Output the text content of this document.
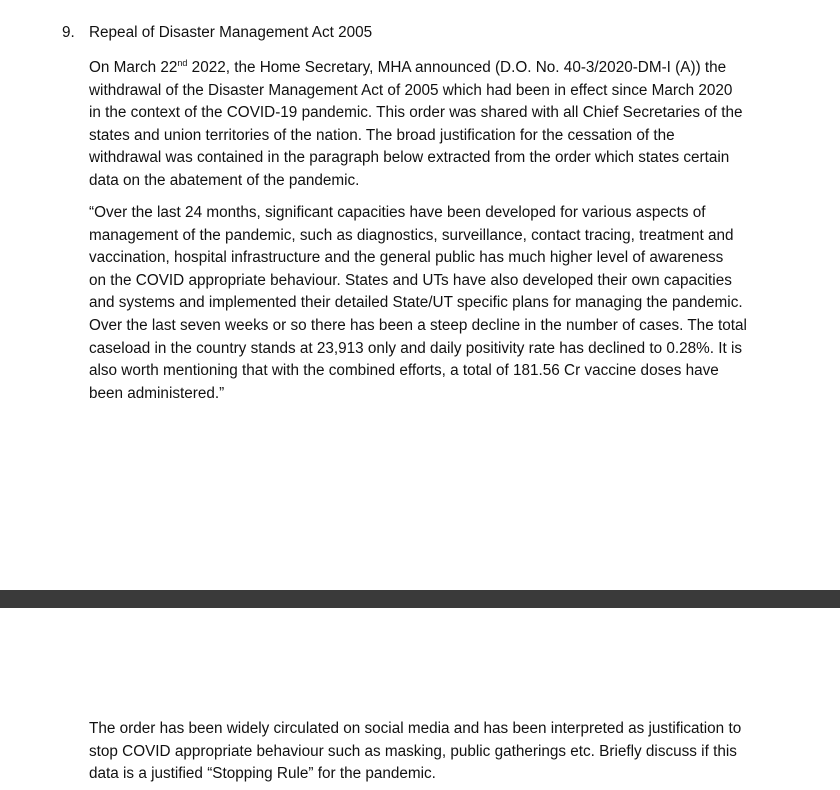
9. Repeal of Disaster Management Act 2005

On March 22nd 2022, the Home Secretary, MHA announced (D.O. No. 40-3/2020-DM-I (A)) the
withdrawal of the Disaster Management Act of 2005 which had been in effect since March 2020
in the context of the COVID-19 pandemic. This order was shared with all Chief Secretaries of the
states and union territories of the nation. The broad justification for the cessation of the
withdrawal was contained in the paragraph below extracted from the order which states certain
data on the abatement of the pandemic.

“Over the last 24 months, significant capacities have been developed for various aspects of
management of the pandemic, such as diagnostics, surveillance, contact tracing, treatment and
vaccination, hospital infrastructure and the general public has much higher level of awareness
on the COVID appropriate behaviour. States and UTs have also developed their own capacities
and systems and implemented their detailed State/UT specific plans for managing the pandemic.
Over the last seven weeks or so there has been a steep decline in the number of cases. The total
caseload in the country stands at 23,913 only and daily positivity rate has declined to 0.28%. It is
also worth mentioning that with the combined efforts, a total of 181.56 Cr vaccine doses have
been administered.”

The order has been widely circulated on social media and has been interpreted as justification to
stop COVID appropriate behaviour such as masking, public gatherings etc. Briefly discuss if this
data is a justified “Stopping Rule” for the pandemic.
